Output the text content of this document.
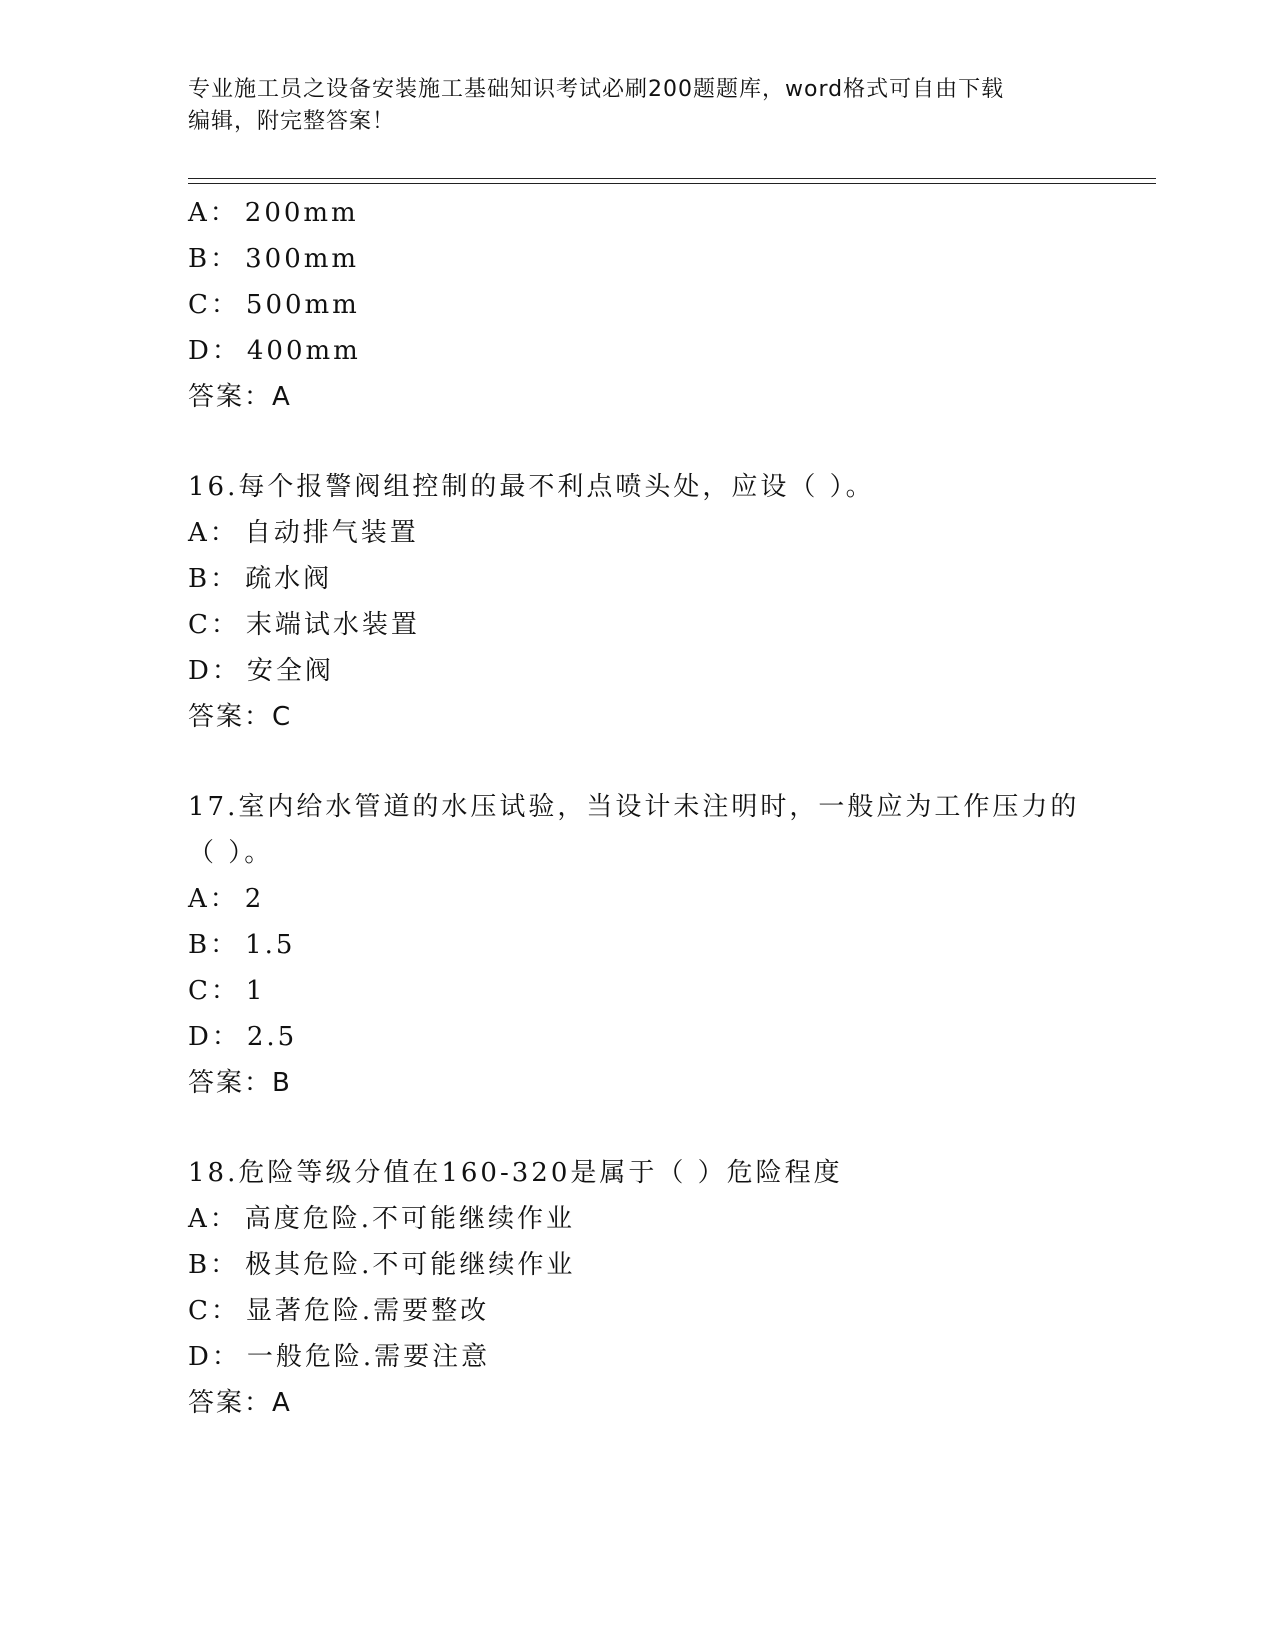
专业施工员之设备安装施工基础知识考试必刷200题题库，word格式可自由下载
编辑，附完整答案！
A： 200mm
B： 300mm
C： 500mm
D： 400mm
答案：A
16.每个报警阀组控制的最不利点喷头处，应设（ ）。
A： 自动排气装置
B： 疏水阀
C： 末端试水装置
D： 安全阀
答案：C
17.室内给水管道的水压试验，当设计未注明时，一般应为工作压力的
（ ）。
A： 2
B： 1.5
C： 1
D： 2.5
答案：B
18.危险等级分值在160-320是属于（ ）危险程度
A： 高度危险.不可能继续作业
B： 极其危险.不可能继续作业
C： 显著危险.需要整改
D： 一般危险.需要注意
答案：A
